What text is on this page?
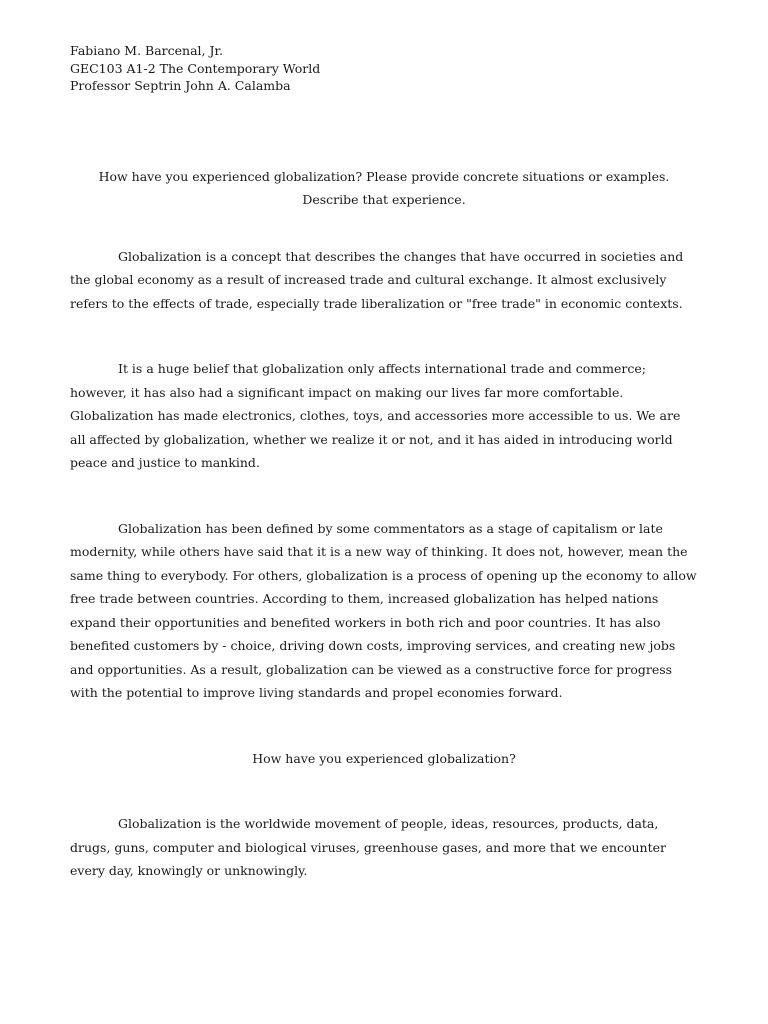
Fabiano M. Barcenal, Jr.

GEC103 A1-2 The Contemporary World

Professor Septrin John A. Calamba

How have you experienced globalization? Please provide concrete situations or examples.
Describe that experience.

Globalization is a concept that describes the changes that have occurred in societies and the global economy as a result of increased trade and cultural exchange. It almost exclusively refers to the effects of trade, especially trade liberalization or "free trade" in economic contexts.

It is a huge belief that globalization only affects international trade and commerce; however, it has also had a significant impact on making our lives far more comfortable. Globalization has made electronics, clothes, toys, and accessories more accessible to us. We are all affected by globalization, whether we realize it or not, and it has aided in introducing world peace and justice to mankind.

Globalization has been defined by some commentators as a stage of capitalism or late modernity, while others have said that it is a new way of thinking. It does not, however, mean the same thing to everybody. For others, globalization is a process of opening up the economy to allow free trade between countries. According to them, increased globalization has helped nations expand their opportunities and benefited workers in both rich and poor countries. It has also benefited customers by - choice, driving down costs, improving services, and creating new jobs and opportunities. As a result, globalization can be viewed as a constructive force for progress with the potential to improve living standards and propel economies forward.

How have you experienced globalization?

Globalization is the worldwide movement of people, ideas, resources, products, data, drugs, guns, computer and biological viruses, greenhouse gases, and more that we encounter every day, knowingly or unknowingly.
